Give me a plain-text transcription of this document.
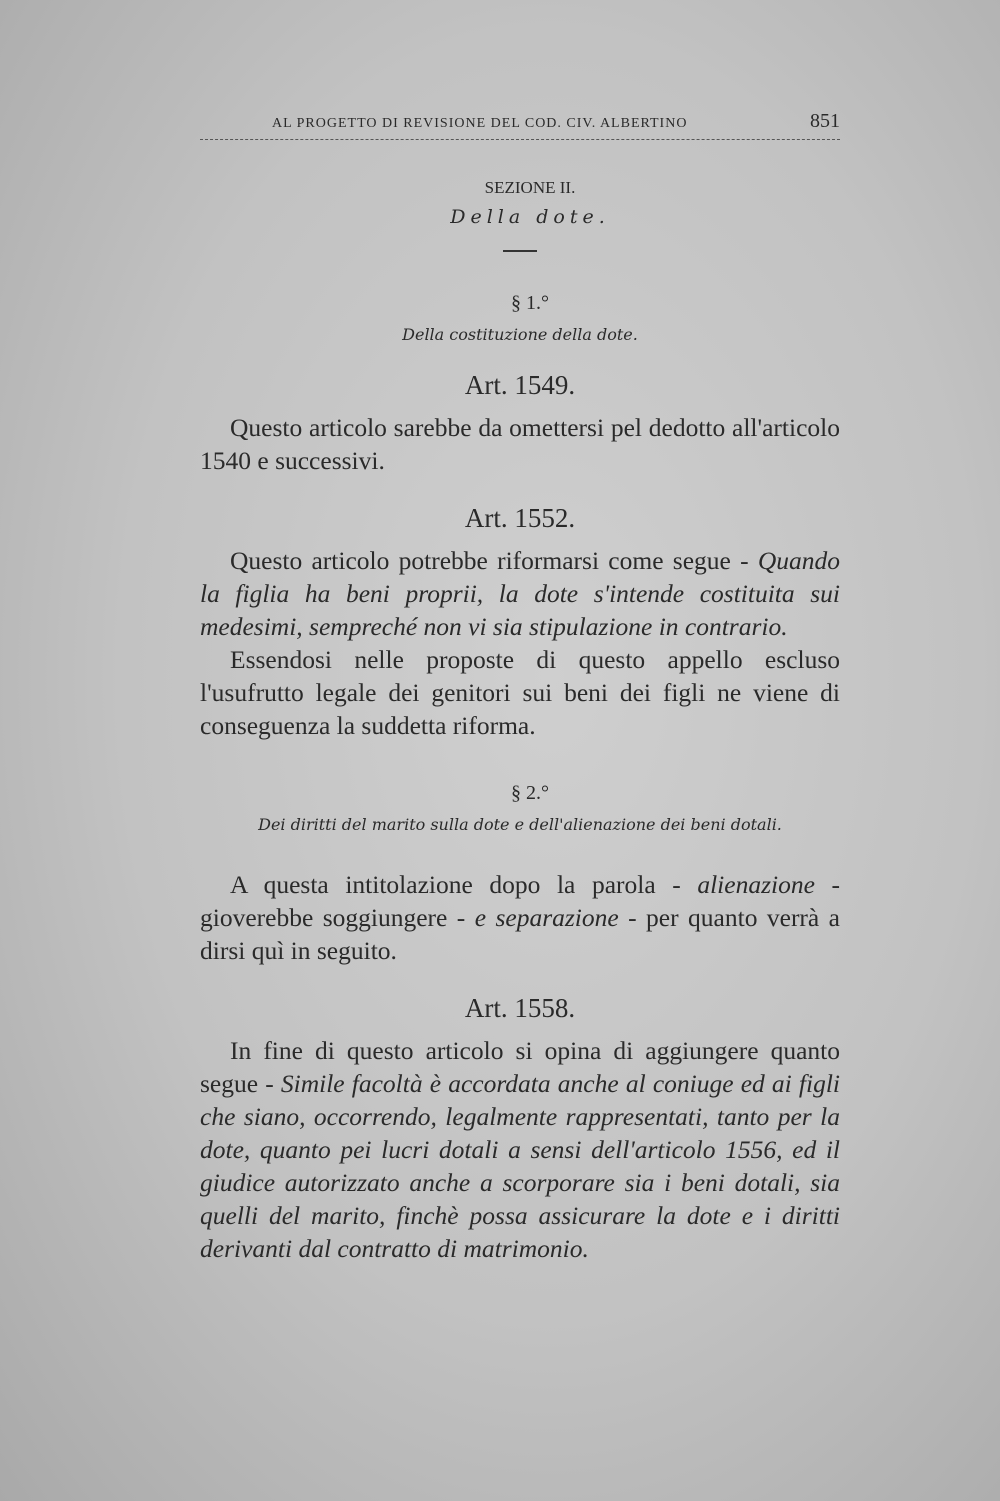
AL PROGETTO DI REVISIONE DEL COD. CIV. ALBERTINO	851
SEZIONE II.
Della dote.
§ 1.°
Della costituzione della dote.
Art. 1549.

Questo articolo sarebbe da omettersi pel dedotto all'articolo 1540 e successivi.

Art. 1552.

Questo articolo potrebbe riformarsi come segue - Quando la figlia ha beni proprii, la dote s'intende costituita sui medesimi, sempreché non vi sia stipulazione in contrario.

Essendosi nelle proposte di questo appello escluso l'usufrutto legale dei genitori sui beni dei figli ne viene di conseguenza la suddetta riforma.

§ 2.°
Dei diritti del marito sulla dote e dell'alienazione dei beni dotali.

A questa intitolazione dopo la parola - alienazione - gioverebbe soggiungere - e separazione - per quanto verrà a dirsi quì in seguito.

Art. 1558.

In fine di questo articolo si opina di aggiungere quanto segue - Simile facoltà è accordata anche al coniuge ed ai figli che siano, occorrendo, legalmente rappresentati, tanto per la dote, quanto pei lucri dotali a sensi dell'articolo 1556, ed il giudice autorizzato anche a scorporare sia i beni dotali, sia quelli del marito, finchè possa assicurare la dote e i diritti derivanti dal contratto di matrimonio.
